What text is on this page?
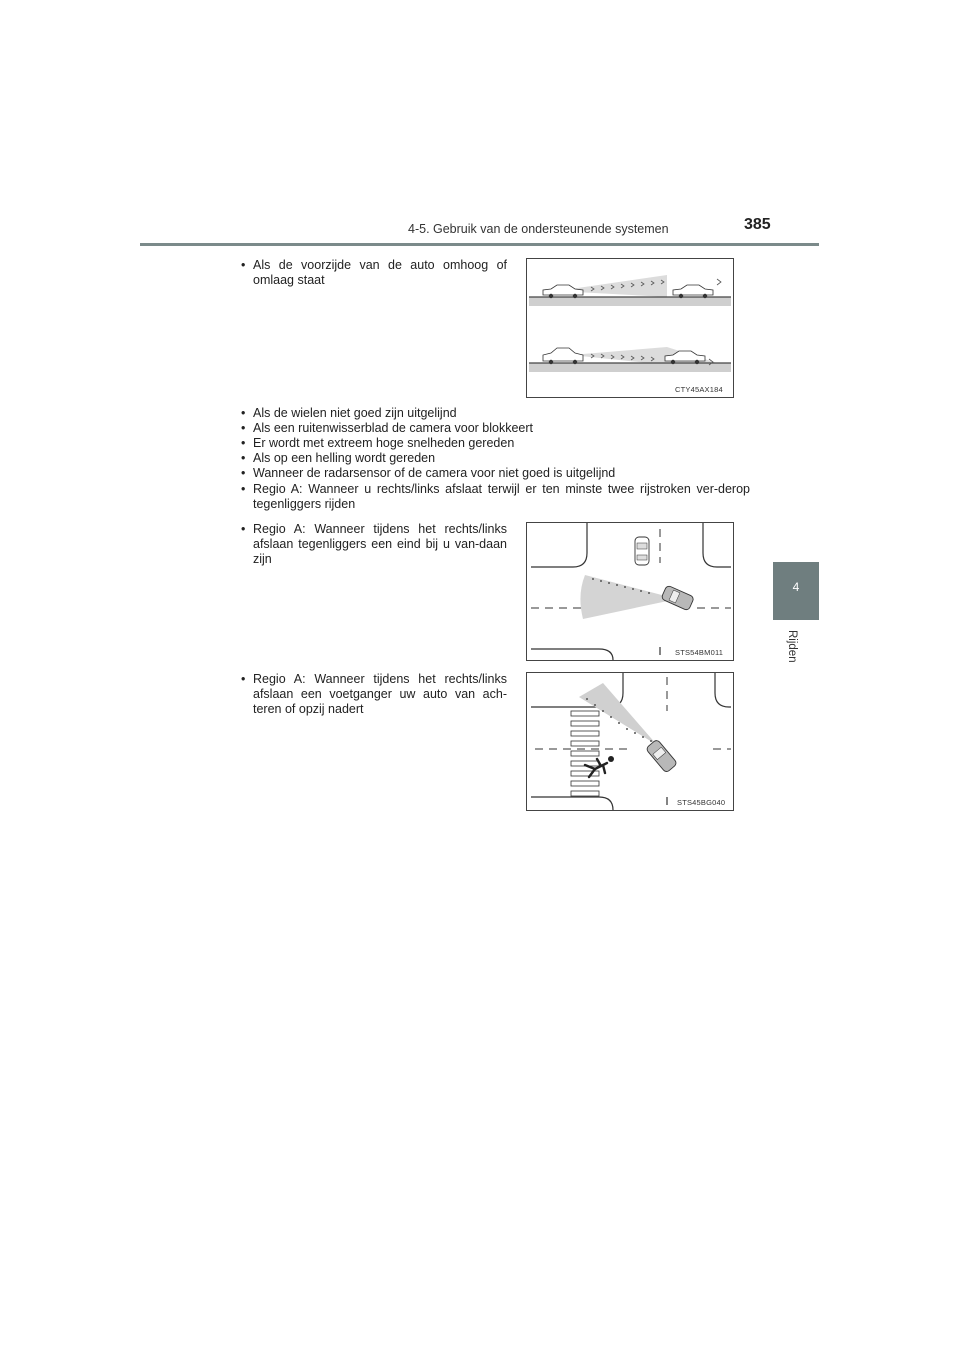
4-5. Gebruik van de ondersteunende systemen	385
4
Rijden
• Als de voorzijde van de auto omhoog of omlaag staat
CTY45AX184
• Als de wielen niet goed zijn uitgelijnd
• Als een ruitenwisserblad de camera voor blokkeert
• Er wordt met extreem hoge snelheden gereden
• Als op een helling wordt gereden
• Wanneer de radarsensor of de camera voor niet goed is uitgelijnd
• Regio A: Wanneer u rechts/links afslaat terwijl er ten minste twee rijstroken ver-derop tegenliggers rijden
• Regio A: Wanneer tijdens het rechts/links afslaan tegenliggers een eind bij u van-daan zijn
STS54BM011
• Regio A: Wanneer tijdens het rechts/links afslaan een voetganger uw auto van ach-teren of opzij nadert
STS45BG040
